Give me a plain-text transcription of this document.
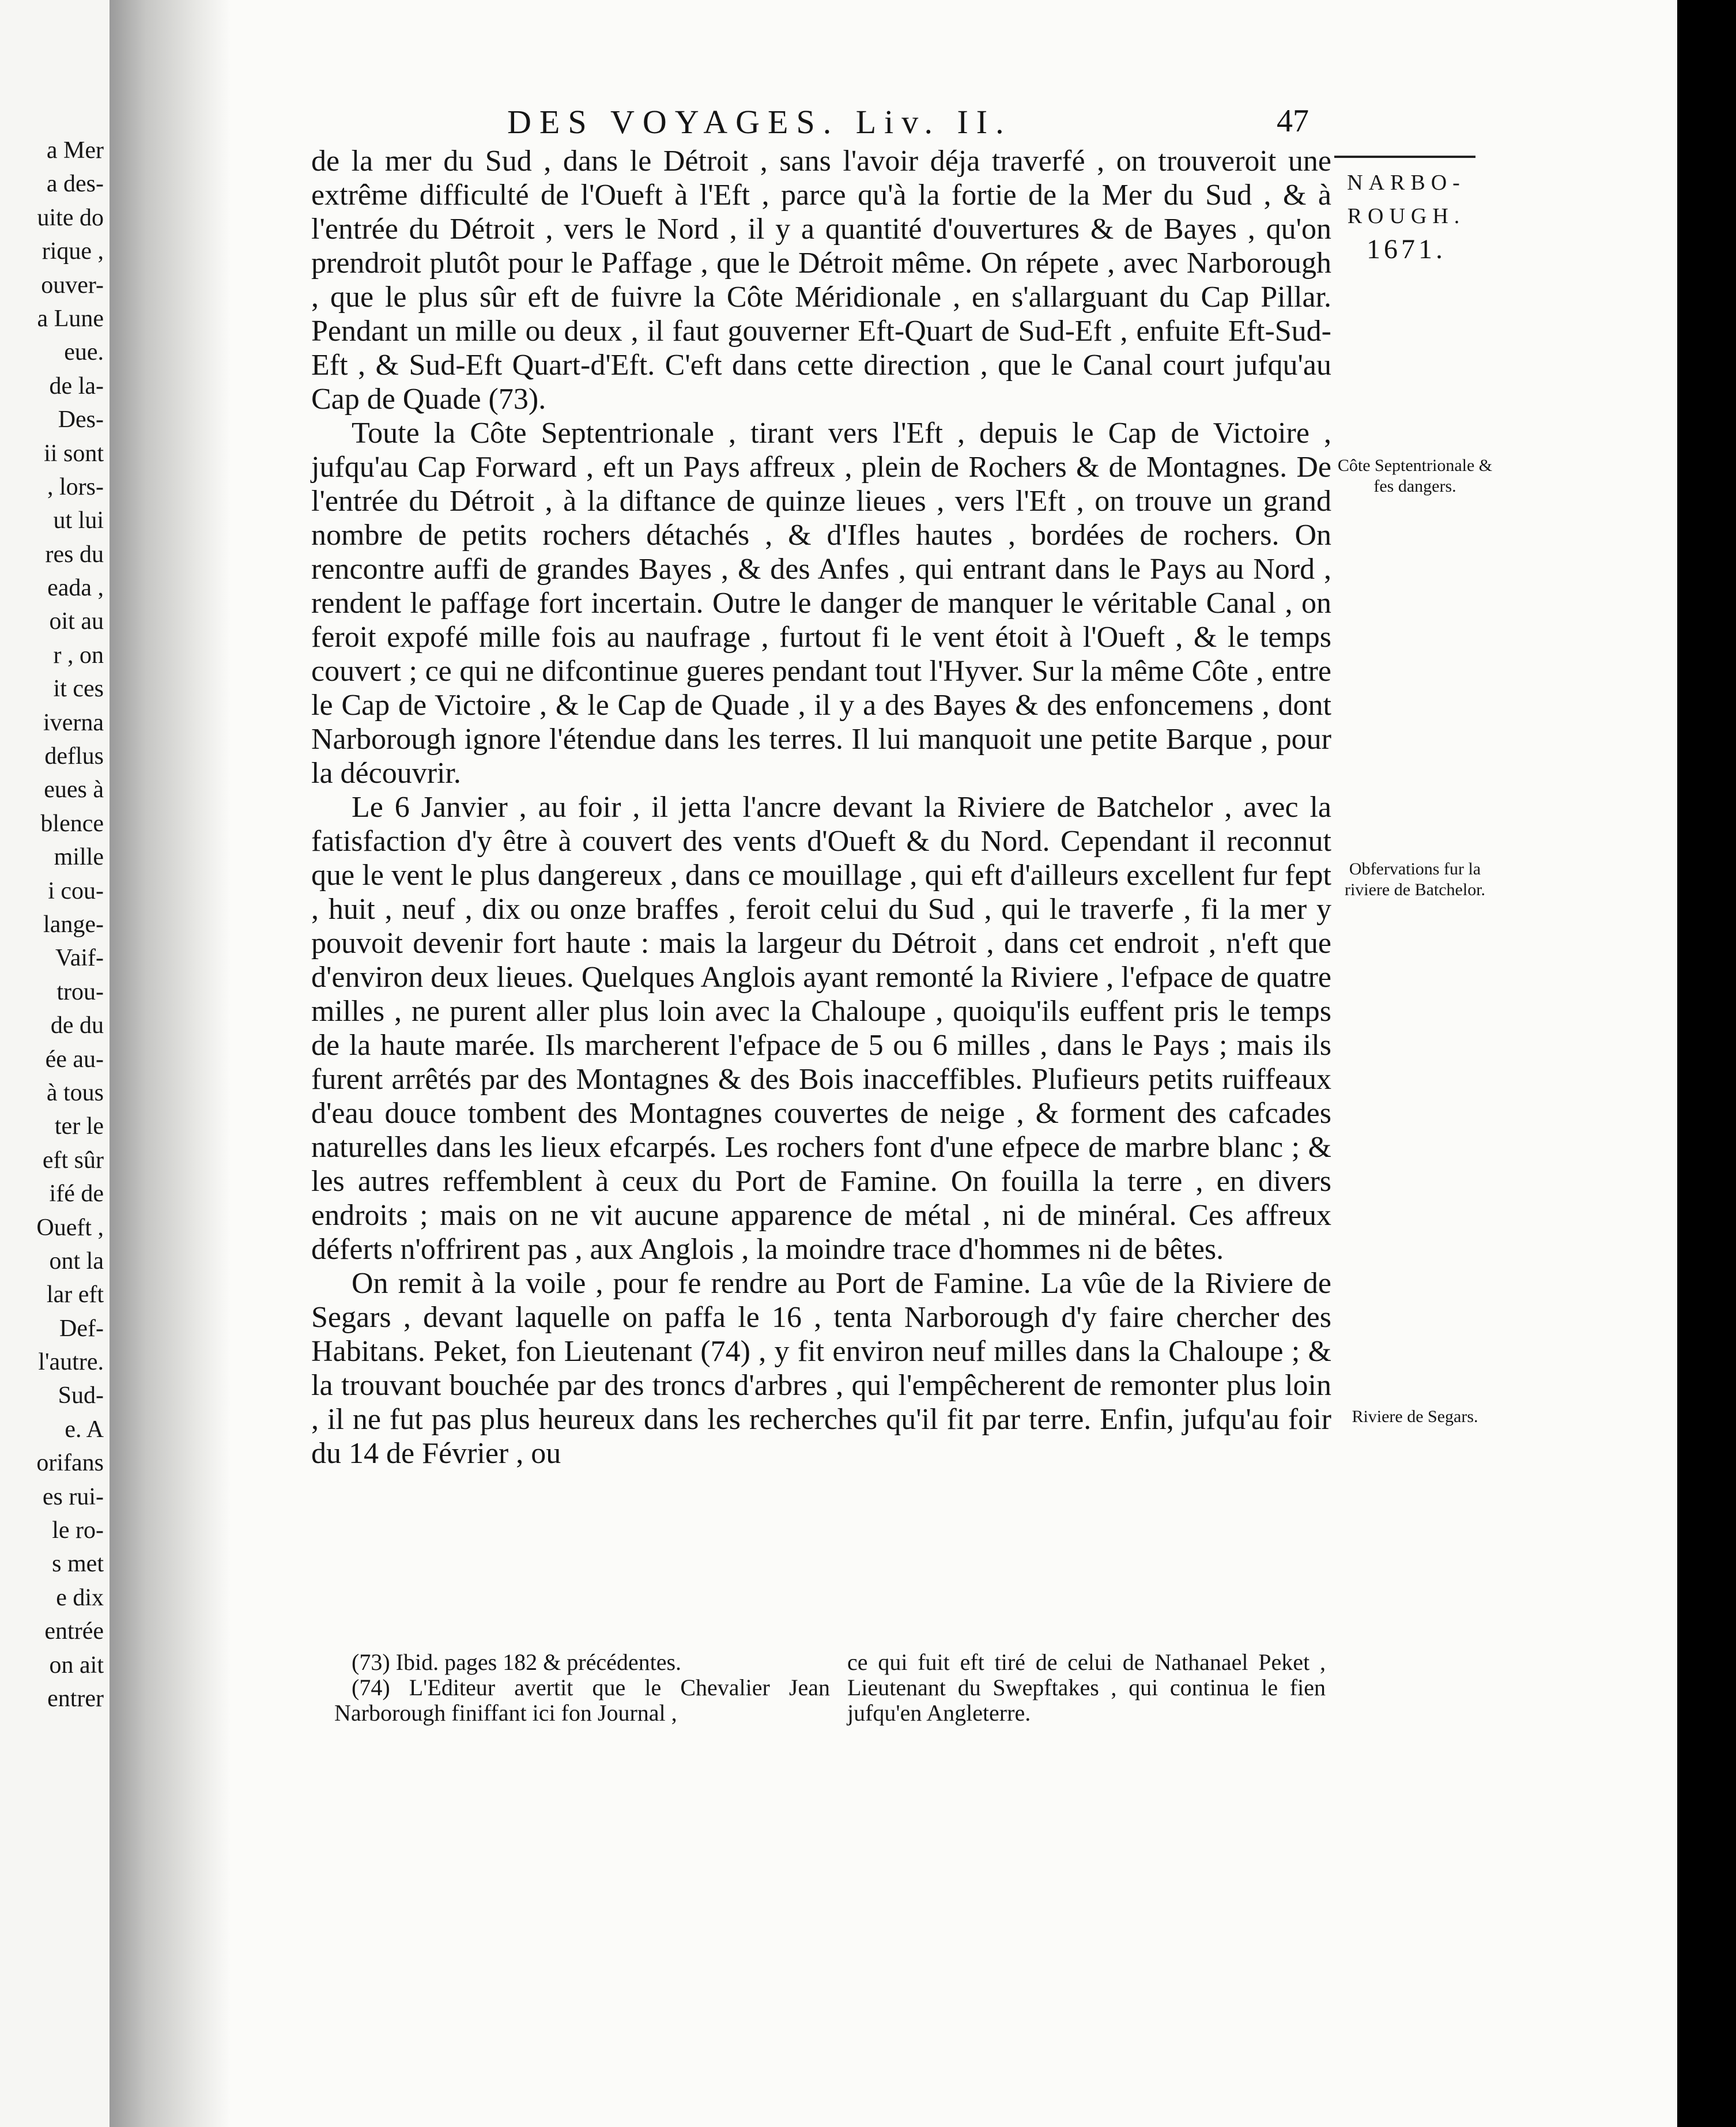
a Mer
a des-
uite do
rique ,
ouver-
a Lune
eue.
de la-
Des-
ii sont
, lors-
ut lui
res du
eada ,
oit au
r , on
it ces
iverna
deflus
eues à
blence
mille
i cou-
lange-
Vaif-
trou-
de du
ée au-
à tous
ter le
eft sûr
ifé de
Oueft ,
ont la
lar eft
Def-
l'autre.
Sud-
e. A
orifans
es rui-
le ro-
s met
e dix
entrée
on ait
entrer
DES VOYAGES. Liv. II.	47
NARBO-
ROUGH.
1671.

de la mer du Sud , dans le Détroit , sans l'avoir déja traverfé , on trouveroit une extrême difficulté de l'Oueft à l'Eft , parce qu'à la fortie de la Mer du Sud , & à l'entrée du Détroit , vers le Nord , il y a quantité d'ouvertures & de Bayes , qu'on prendroit plutôt pour le Paffage , que le Détroit même. On répete , avec Narborough , que le plus sûr eft de fuivre la Côte Méridionale , en s'allarguant du Cap Pillar. Pendant un mille ou deux , il faut gouverner Eft-Quart de Sud-Eft , enfuite Eft-Sud-Eft , & Sud-Eft Quart-d'Eft. C'eft dans cette direction , que le Canal court jufqu'au Cap de Quade (73).

Toute la Côte Septentrionale , tirant vers l'Eft , depuis le Cap de Victoire , jufqu'au Cap Forward , eft un Pays affreux , plein de Rochers & de Montagnes. De l'entrée du Détroit , à la diftance de quinze lieues , vers l'Eft , on trouve un grand nombre de petits rochers détachés , & d'Ifles hautes , bordées de rochers. On rencontre auffi de grandes Bayes , & des Anfes , qui entrant dans le Pays au Nord , rendent le paffage fort incertain. Outre le danger de manquer le véritable Canal , on feroit expofé mille fois au naufrage , furtout fi le vent étoit à l'Oueft , & le temps couvert ; ce qui ne difcontinue gueres pendant tout l'Hyver. Sur la même Côte , entre le Cap de Victoire , & le Cap de Quade , il y a des Bayes & des enfoncemens , dont Narborough ignore l'étendue dans les terres. Il lui manquoit une petite Barque , pour la découvrir.

Le 6 Janvier , au foir , il jetta l'ancre devant la Riviere de Batchelor , avec la fatisfaction d'y être à couvert des vents d'Oueft & du Nord. Cependant il reconnut que le vent le plus dangereux , dans ce mouillage , qui eft d'ailleurs excellent fur fept , huit , neuf , dix ou onze braffes , feroit celui du Sud , qui le traverfe , fi la mer y pouvoit devenir fort haute : mais la largeur du Détroit , dans cet endroit , n'eft que d'environ deux lieues. Quelques Anglois ayant remonté la Riviere , l'efpace de quatre milles , ne purent aller plus loin avec la Chaloupe , quoiqu'ils euffent pris le temps de la haute marée. Ils marcherent l'efpace de 5 ou 6 milles , dans le Pays ; mais ils furent arrêtés par des Montagnes & des Bois inacceffibles. Plufieurs petits ruiffeaux d'eau douce tombent des Montagnes couvertes de neige , & forment des cafcades naturelles dans les lieux efcarpés. Les rochers font d'une efpece de marbre blanc ; & les autres reffemblent à ceux du Port de Famine. On fouilla la terre , en divers endroits ; mais on ne vit aucune apparence de métal , ni de minéral. Ces affreux déferts n'offrirent pas , aux Anglois , la moindre trace d'hommes ni de bêtes.

On remit à la voile , pour fe rendre au Port de Famine. La vûe de la Riviere de Segars , devant laquelle on paffa le 16 , tenta Narborough d'y faire chercher des Habitans. Peket, fon Lieutenant (74) , y fit environ neuf milles dans la Chaloupe ; & la trouvant bouchée par des troncs d'arbres , qui l'empêcherent de remonter plus loin , il ne fut pas plus heureux dans les recherches qu'il fit par terre. Enfin, jufqu'au foir du 14 de Février , ou

Côte Septentrionale & fes dangers.
Obfervations fur la riviere de Batchelor.
Riviere de Segars.

(73) Ibid. pages 182 & précédentes.

(74) L'Editeur avertit que le Chevalier Jean Narborough finiffant ici fon Journal ,

ce qui fuit eft tiré de celui de Nathanael Peket , Lieutenant du Swepftakes , qui continua le fien jufqu'en Angleterre.
